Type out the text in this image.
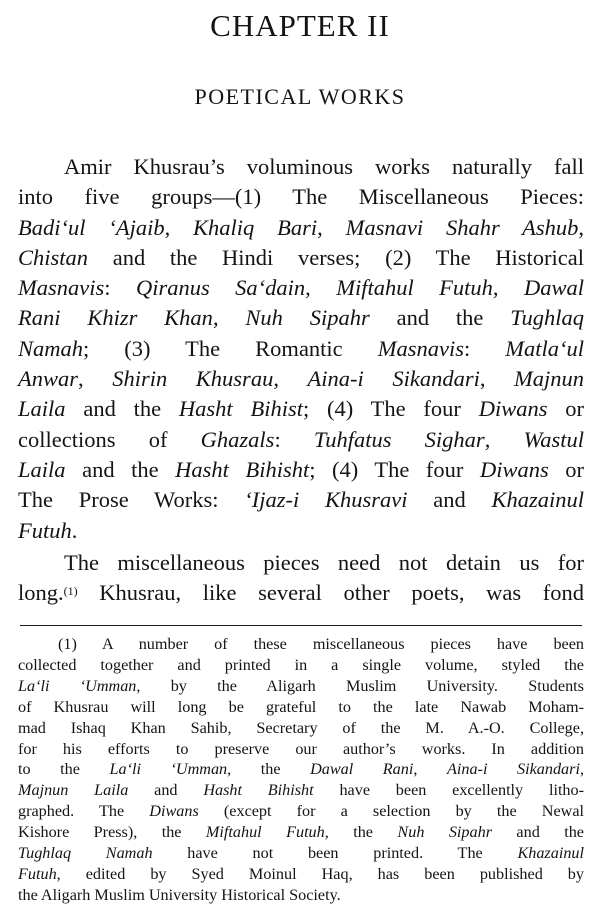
CHAPTER II
POETICAL WORKS
Amir Khusrau’s voluminous works naturally fall
into five groups—(1) The Miscellaneous Pieces:
Badi‘ul ‘Ajaib, Khaliq Bari, Masnavi Shahr Ashub,
Chistan and the Hindi verses; (2) The Historical
Masnavis: Qiranus Sa‘dain, Miftahul Futuh, Dawal
Rani Khizr Khan, Nuh Sipahr and the Tughlaq
Namah; (3) The Romantic Masnavis: Matla‘ul
Anwar, Shirin Khusrau, Aina-i Sikandari, Majnun
Laila and the Hasht Bihist; (4) The four Diwans or
collections of Ghazals: Tuhfatus Sighar, Wastul
Laila and the Hasht Bihisht; (4) The four Diwans or
The Prose Works: ‘Ijaz-i Khusravi and Khazainul
Futuh.
The miscellaneous pieces need not detain us for
long.$^{(1)}$ Khusrau, like several other poets, was fond
(1) A number of these miscellaneous pieces have been
collected together and printed in a single volume, styled the
La‘li ‘Umman, by the Aligarh Muslim University. Students
of Khusrau will long be grateful to the late Nawab Moham-
mad Ishaq Khan Sahib, Secretary of the M. A.-O. College,
for his efforts to preserve our author’s works. In addition
to the La‘li ‘Umman, the Dawal Rani, Aina-i Sikandari,
Majnun Laila and Hasht Bihisht have been excellently litho-
graphed. The Diwans (except for a selection by the Newal
Kishore Press), the Miftahul Futuh, the Nuh Sipahr and the
Tughlaq Namah have not been printed. The Khazainul
Futuh, edited by Syed Moinul Haq, has been published by
the Aligarh Muslim University Historical Society.
